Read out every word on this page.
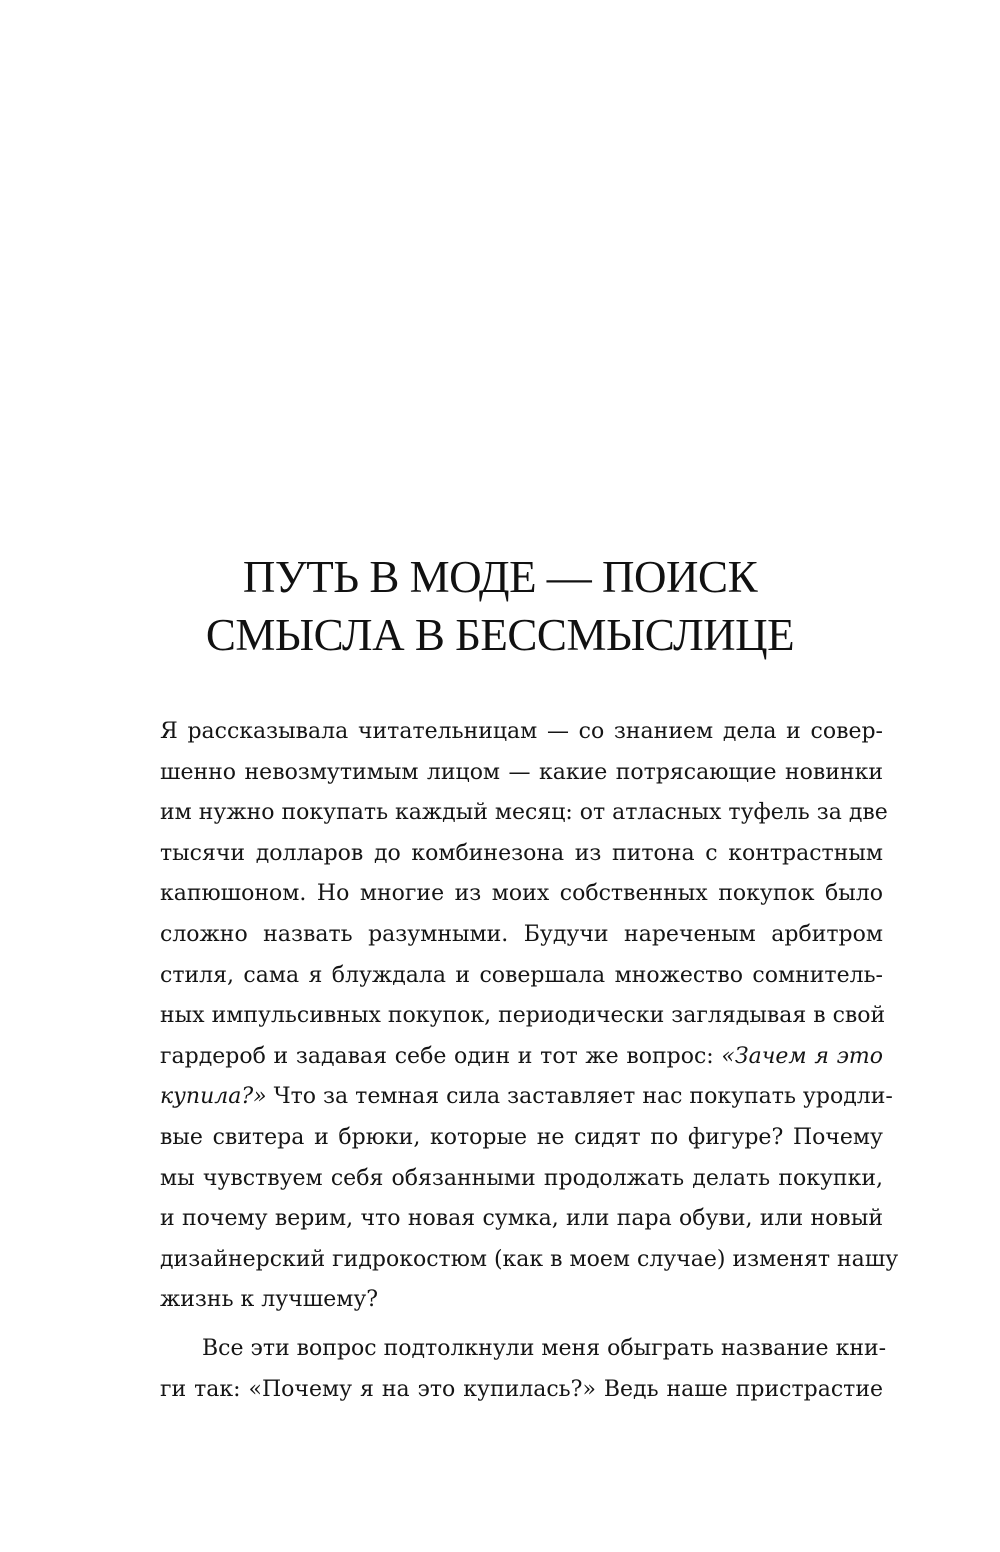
ПУТЬ В МОДЕ — ПОИСК
СМЫСЛА В БЕССМЫСЛИЦЕ
Я рассказывала читательницам — со знанием дела и совер-
шенно невозмутимым лицом — какие потрясающие новинки
им нужно покупать каждый месяц: от атласных туфель за две
тысячи долларов до комбинезона из питона с контрастным
капюшоном. Но многие из моих собственных покупок было
сложно назвать разумными. Будучи нареченым арбитром
стиля, сама я блуждала и совершала множество сомнитель-
ных импульсивных покупок, периодически заглядывая в свой
гардероб и задавая себе один и тот же вопрос: «Зачем я это
купила?» Что за темная сила заставляет нас покупать уродли-
вые свитера и брюки, которые не сидят по фигуре? Почему
мы чувствуем себя обязанными продолжать делать покупки,
и почему верим, что новая сумка, или пара обуви, или новый
дизайнерский гидрокостюм (как в моем случае) изменят нашу
жизнь к лучшему?
Все эти вопрос подтолкнули меня обыграть название кни-
ги так: «Почему я на это купилась?» Ведь наше пристрастие
